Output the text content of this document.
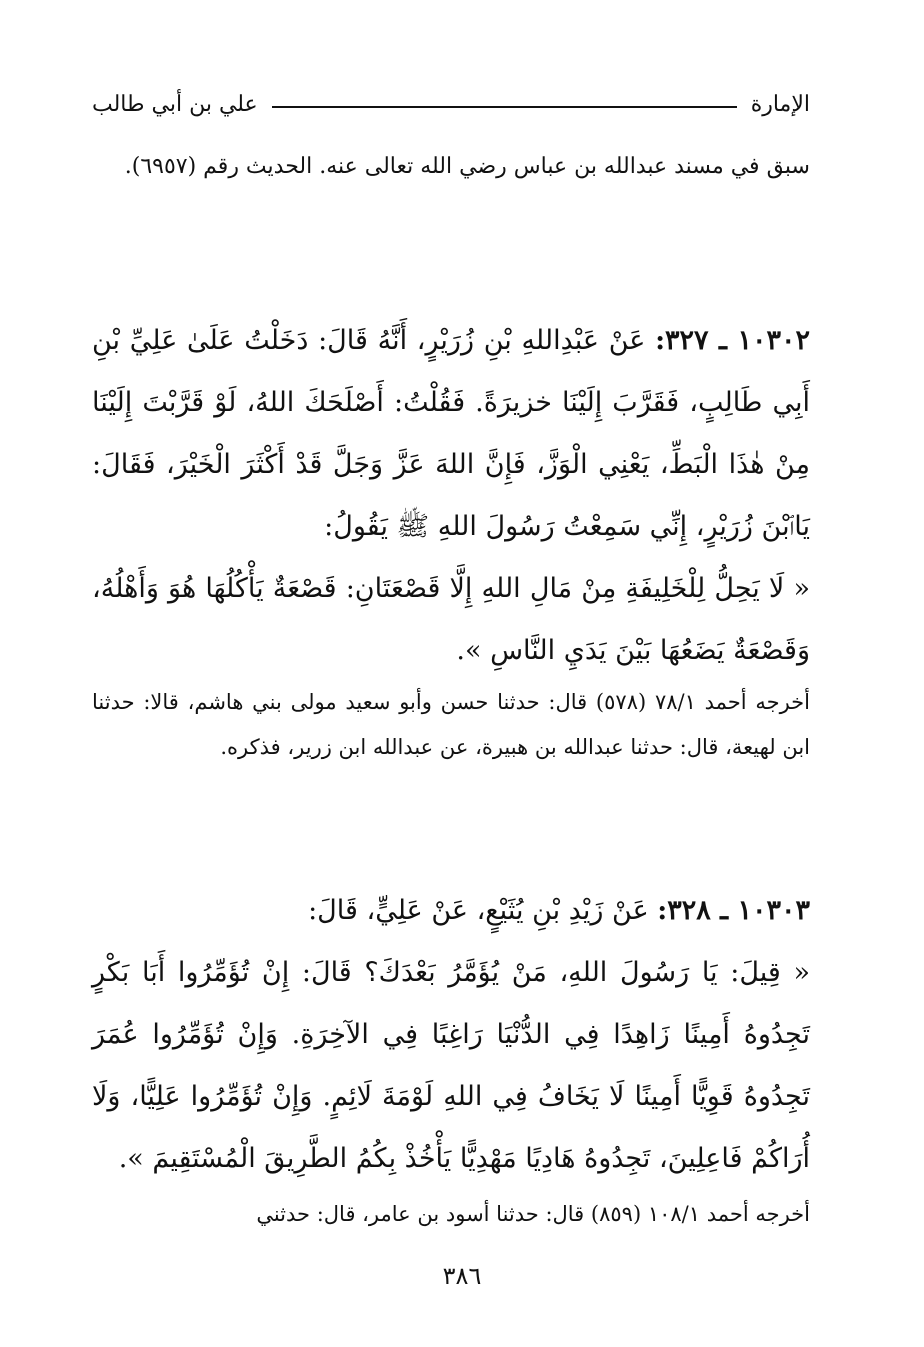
الإمارة
علي بن أبي طالب
سبق في مسند عبدالله بن عباس رضي الله تعالى عنه. الحديث رقم (٦٩٥٧).

١٠٣٠٢ ـ ٣٢٧: عَنْ عَبْدِاللهِ بْنِ زُرَيْرٍ، أَنَّهُ قَالَ: دَخَلْتُ عَلَىٰ عَلِيِّ بْنِ أَبِي طَالِبٍ، فَقَرَّبَ إِلَيْنَا خزيرَةً. فَقُلْتُ: أَصْلَحَكَ اللهُ، لَوْ قَرَّبْتَ إِلَيْنَا مِنْ هٰذَا الْبَطِّ، يَعْنِي الْوَزَّ، فَإِنَّ اللهَ عَزَّ وَجَلَّ قَدْ أَكْثَرَ الْخَيْرَ، فَقَالَ: يَاٱبْنَ زُرَيْرٍ، إِنِّي سَمِعْتُ رَسُولَ اللهِ ﷺ يَقُولُ:

« لَا يَحِلُّ لِلْخَلِيفَةِ مِنْ مَالِ اللهِ إِلَّا قَصْعَتَانِ: قَصْعَةٌ يَأْكُلُهَا هُوَ وَأَهْلُهُ، وَقَصْعَةٌ يَضَعُهَا بَيْنَ يَدَيِ النَّاسِ ».

أخرجه أحمد ٧٨/١ (٥٧٨) قال: حدثنا حسن وأبو سعيد مولى بني هاشم، قالا: حدثنا ابن لهيعة، قال: حدثنا عبدالله بن هبيرة، عن عبدالله ابن زرير، فذكره.

١٠٣٠٣ ـ ٣٢٨: عَنْ زَيْدِ بْنِ يُثَيْعٍ، عَنْ عَلِيٍّ، قَالَ:

« قِيلَ: يَا رَسُولَ اللهِ، مَنْ يُؤَمَّرُ بَعْدَكَ؟ قَالَ: إِنْ تُؤَمِّرُوا أَبَا بَكْرٍ تَجِدُوهُ أَمِينًا زَاهِدًا فِي الدُّنْيَا رَاغِبًا فِي الآخِرَةِ. وَإِنْ تُؤَمِّرُوا عُمَرَ تَجِدُوهُ قَوِيًّا أَمِينًا لَا يَخَافُ فِي اللهِ لَوْمَةَ لَائِمٍ. وَإِنْ تُؤَمِّرُوا عَلِيًّا، وَلَا أُرَاكُمْ فَاعِلِينَ، تَجِدُوهُ هَادِيًا مَهْدِيًّا يَأْخُذْ بِكُمُ الطَّرِيقَ الْمُسْتَقِيمَ ».

أخرجه أحمد ١٠٨/١ (٨٥٩) قال: حدثنا أسود بن عامر، قال: حدثني
٣٨٦
